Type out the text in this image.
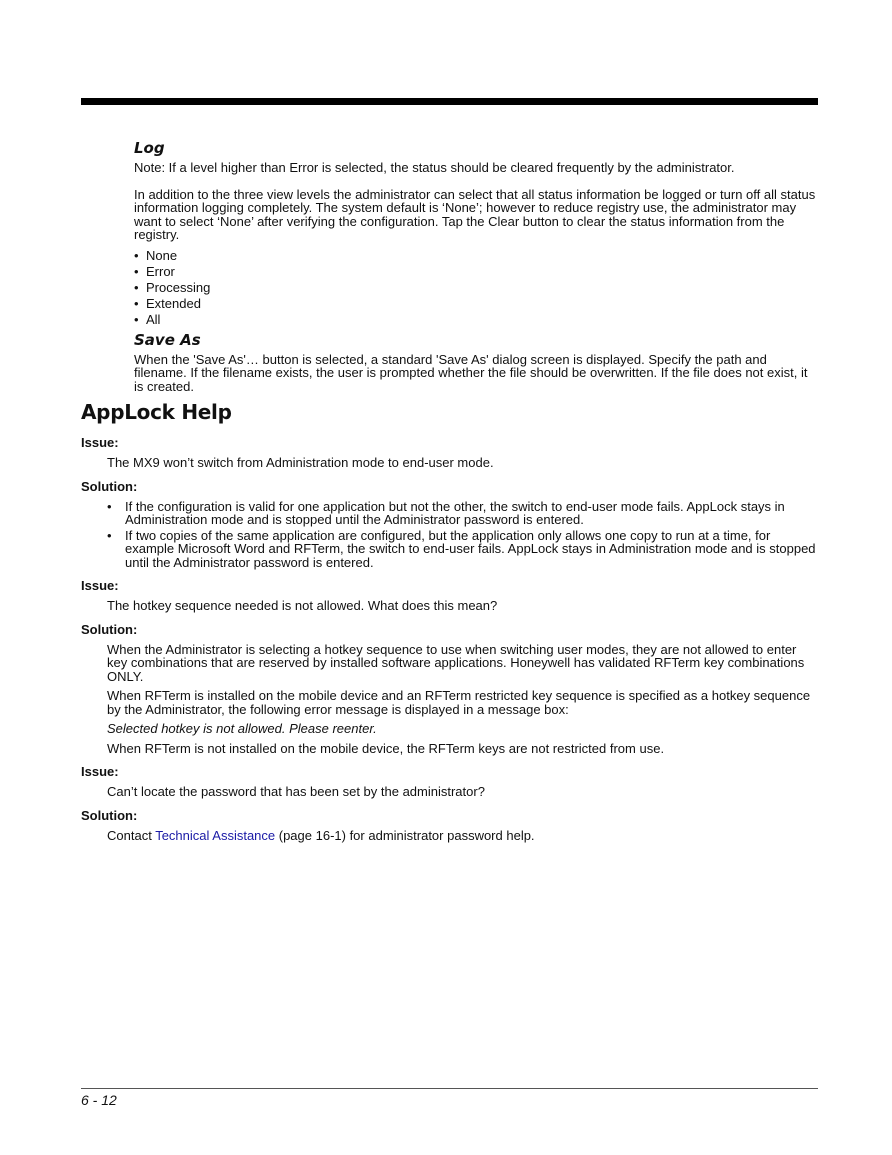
Log

Note: If a level higher than Error is selected, the status should be cleared frequently by the administrator.

In addition to the three view levels the administrator can select that all status information be logged or turn off all status information logging completely. The system default is ‘None’; however to reduce registry use, the administrator may want to select ‘None’ after verifying the configuration. Tap the Clear button to clear the status information from the registry.

• None
• Error
• Processing
• Extended
• All
Save As

When the 'Save As'… button is selected, a standard 'Save As' dialog screen is displayed. Specify the path and filename. If the filename exists, the user is prompted whether the file should be overwritten. If the file does not exist, it is created.

AppLock Help
Issue:

The MX9 won’t switch from Administration mode to end-user mode.

Solution:
• If the configuration is valid for one application but not the other, the switch to end-user mode fails. AppLock stays in Administration mode and is stopped until the Administrator password is entered.
• If two copies of the same application are configured, but the application only allows one copy to run at a time, for example Microsoft Word and RFTerm, the switch to end-user fails. AppLock stays in Administration mode and is stopped until the Administrator password is entered.
Issue:

The hotkey sequence needed is not allowed. What does this mean?

Solution:

When the Administrator is selecting a hotkey sequence to use when switching user modes, they are not allowed to enter key combinations that are reserved by installed software applications. Honeywell has validated RFTerm key combinations ONLY.

When RFTerm is installed on the mobile device and an RFTerm restricted key sequence is specified as a hotkey sequence by the Administrator, the following error message is displayed in a message box:

Selected hotkey is not allowed. Please reenter.

When RFTerm is not installed on the mobile device, the RFTerm keys are not restricted from use.

Issue:

Can’t locate the password that has been set by the administrator?

Solution:

Contact Technical Assistance (page 16-1) for administrator password help.

6 - 12
